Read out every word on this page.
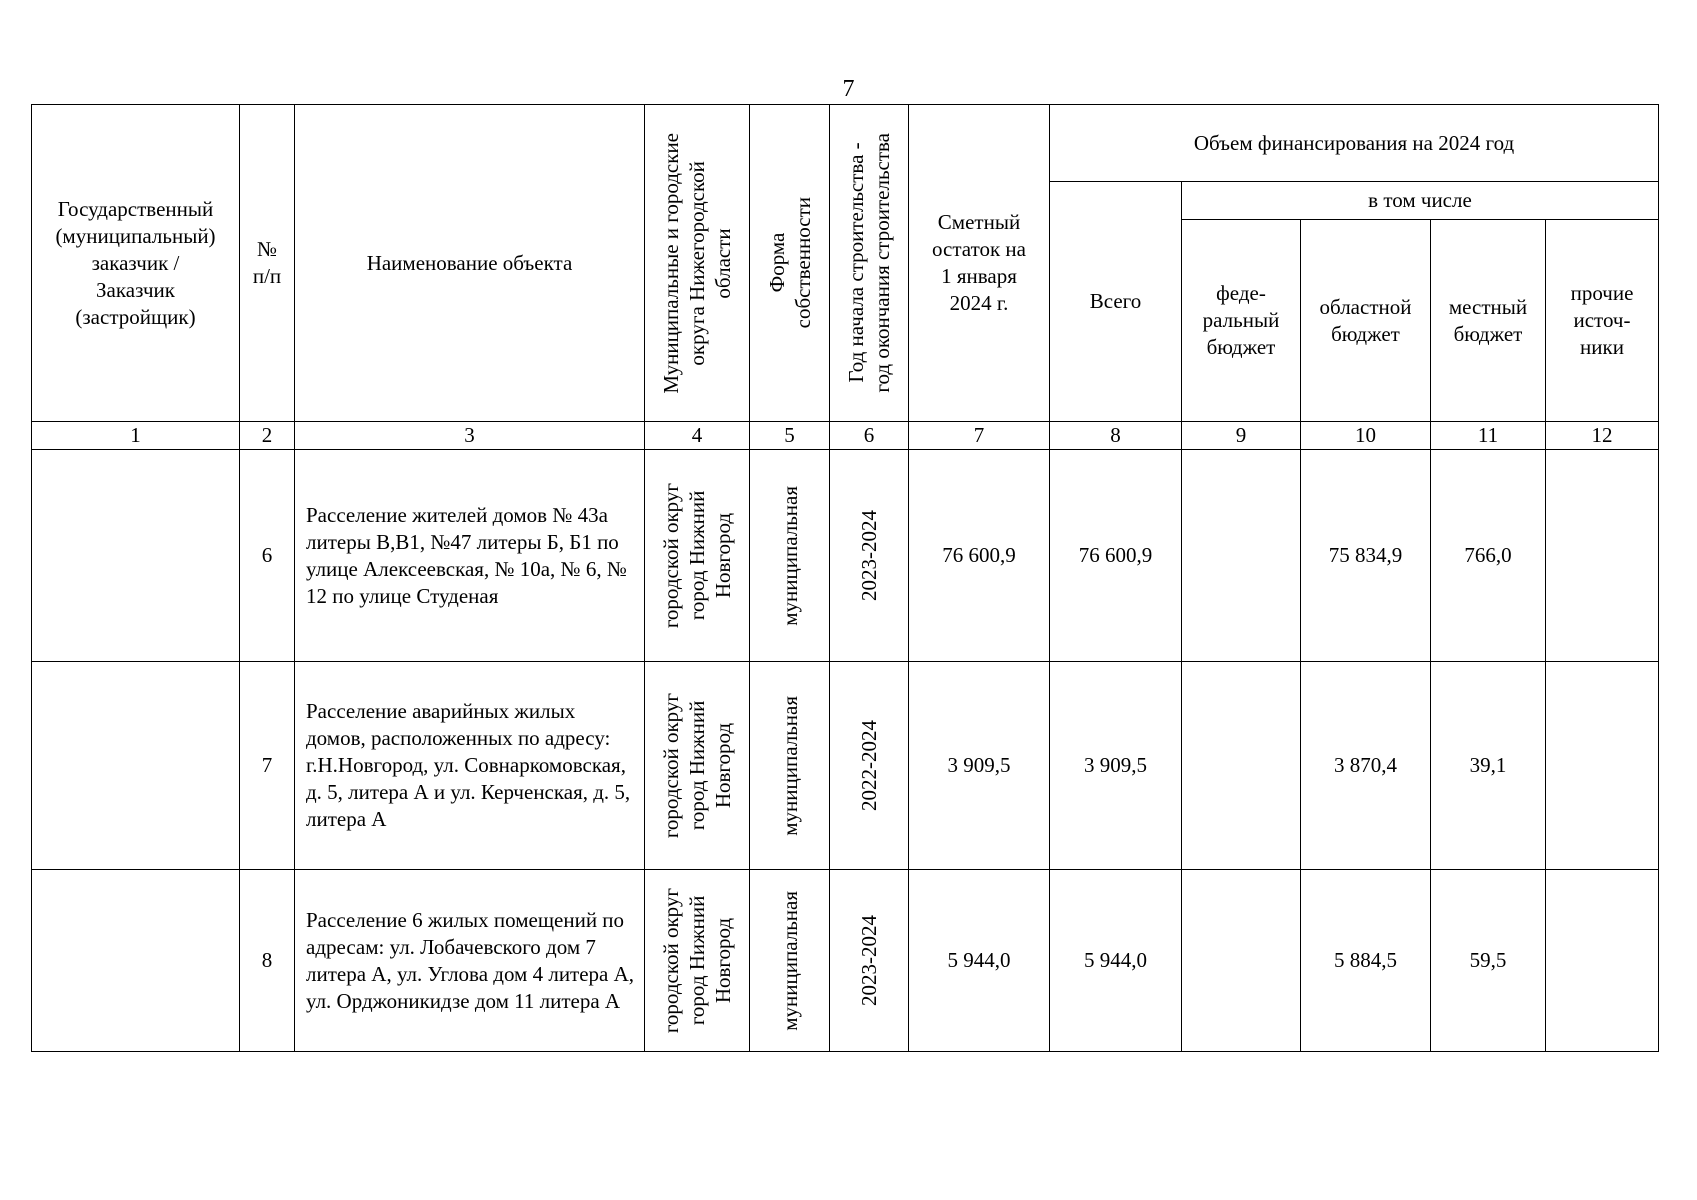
7
Государственный
(муниципальный)
заказчик /
Заказчик
(застройщик)	№
п/п	Наименование объекта	Муниципальные и городские
округа Нижегородской
области	Форма
собственности	Год начала строительства -
год окончания строительства	Сметный
остаток на
1 января
2024 г.	Объем финансирования на 2024 год				
							Всего	в том числе			
								феде-
ральный
бюджет	областной
бюджет	местный
бюджет	прочие
источ-
ники
1	2	3	4	5	6	7	8	9	10	11	12
	6	Расселение жителей домов № 43а литеры В,В1, №47 литеры Б, Б1 по улице Алексеевская, № 10а, № 6, № 12 по улице Студеная	городской округ
город Нижний
Новгород	муниципальная	2023-2024	76 600,9	76 600,9		75 834,9	766,0	
	7	Расселение аварийных жилых домов, расположенных по адресу: г.Н.Новгород, ул. Совнаркомовская, д. 5, литера А и ул. Керченская, д. 5, литера А	городской округ
город Нижний
Новгород	муниципальная	2022-2024	3 909,5	3 909,5		3 870,4	39,1	
	8	Расселение 6 жилых помещений по адресам: ул. Лобачевского дом 7 литера А, ул. Углова дом 4 литера А, ул. Орджоникидзе дом 11 литера А	городской округ
город Нижний
Новгород	муниципальная	2023-2024	5 944,0	5 944,0		5 884,5	59,5	
